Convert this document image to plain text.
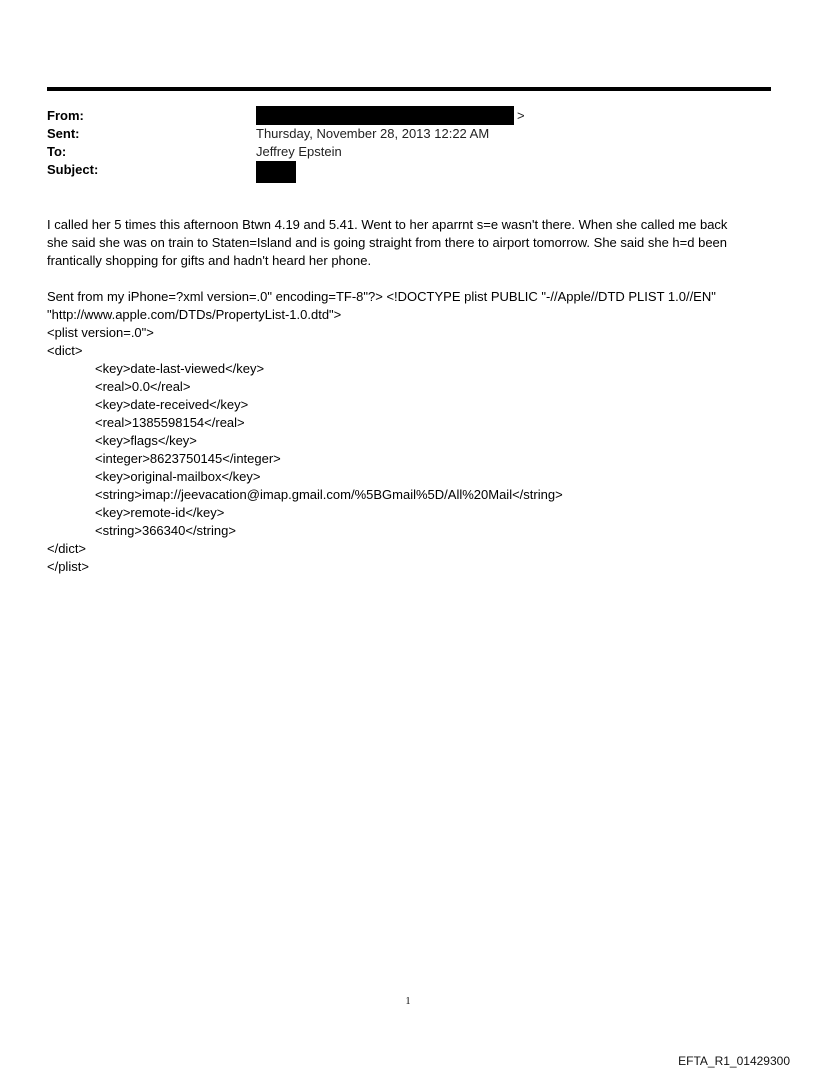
From:	>
Sent:	Thursday, November 28, 2013 12:22 AM
To:	Jeffrey Epstein
Subject:
I called her 5 times this afternoon Btwn 4.19 and 5.41. Went to her aparrnt s=e wasn't there. When she called me back
she said she was on train to Staten=Island and is going straight from there to airport tomorrow. She said she h=d been
frantically shopping for gifts and hadn't heard her phone.
Sent from my iPhone=?xml version=.0" encoding=TF-8"?> <!DOCTYPE plist PUBLIC "-//Apple//DTD PLIST 1.0//EN"
"http://www.apple.com/DTDs/PropertyList-1.0.dtd">
<plist version=.0">
<dict>
<key>date-last-viewed</key>
<real>0.0</real>
<key>date-received</key>
<real>1385598154</real>
<key>flags</key>
<integer>8623750145</integer>
<key>original-mailbox</key>
<string>imap://jeevacation@imap.gmail.com/%5BGmail%5D/All%20Mail</string>
<key>remote-id</key>
<string>366340</string>
</dict>
</plist>
1
EFTA_R1_01429300
